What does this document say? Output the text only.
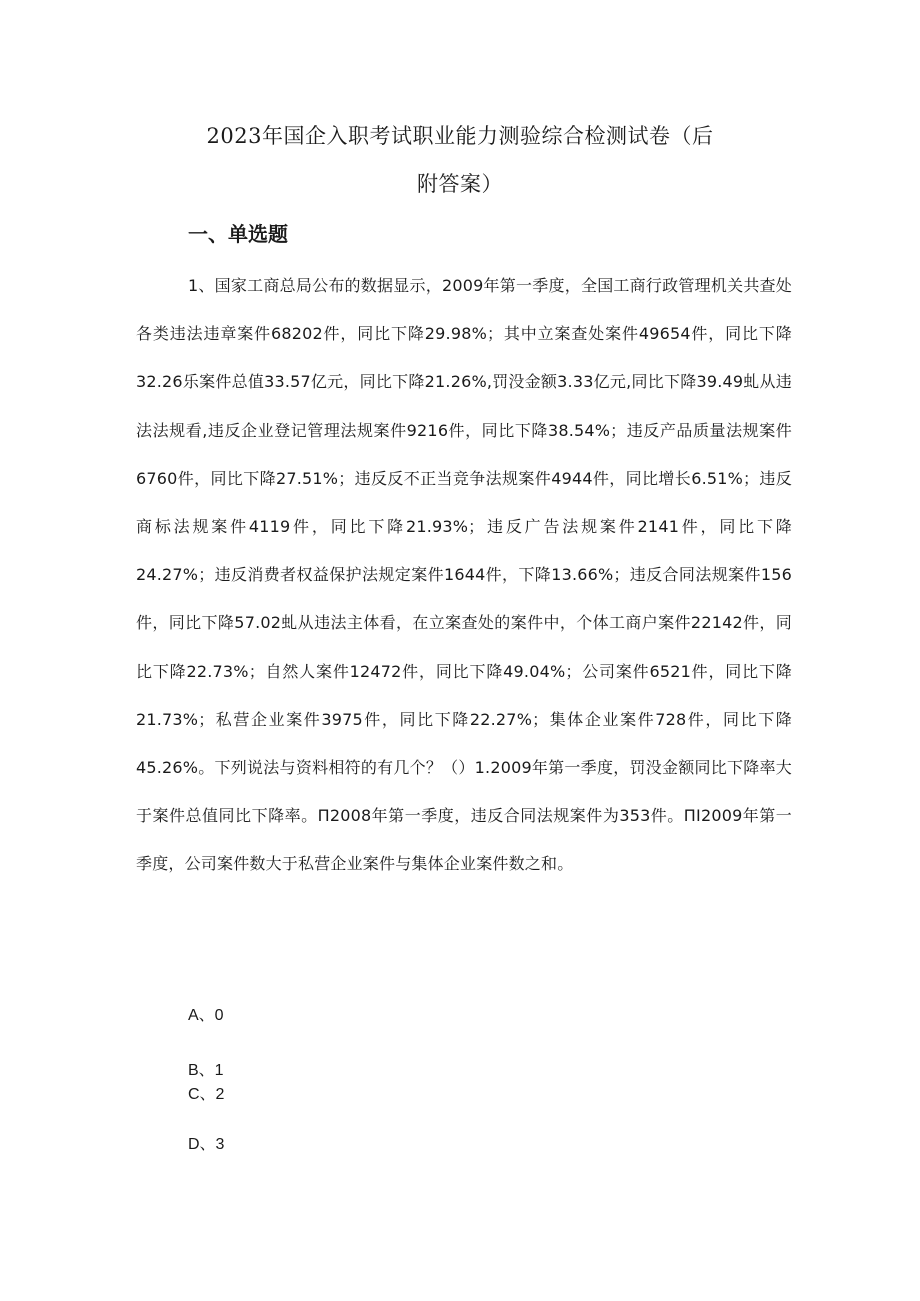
2023年国企入职考试职业能力测验综合检测试卷（后
附答案）
一、单选题
1、国家工商总局公布的数据显示，2009年第一季度，全国工商行政管理机关共查处各类违法违章案件68202件，同比下降29.98%；其中立案查处案件49654件，同比下降32.26乐案件总值33.57亿元，同比下降21.26%,罚没金额3.33亿元,同比下降39.49虬从违法法规看,违反企业登记管理法规案件9216件，同比下降38.54%；违反产品质量法规案件6760件，同比下降27.51%；违反反不正当竞争法规案件4944件，同比增长6.51%；违反商标法规案件4119件，同比下降21.93%；违反广告法规案件2141件，同比下降24.27%；违反消费者权益保护法规定案件1644件，下降13.66%；违反合同法规案件156件，同比下降57.02虬从违法主体看，在立案查处的案件中，个体工商户案件22142件，同比下降22.73%；自然人案件12472件，同比下降49.04%；公司案件6521件，同比下降21.73%；私营企业案件3975件，同比下降22.27%；集体企业案件728件，同比下降45.26%。下列说法与资料相符的有几个？（）1.2009年第一季度，罚没金额同比下降率大于案件总值同比下降率。Π2008年第一季度，违反合同法规案件为353件。ΠI2009年第一季度，公司案件数大于私营企业案件与集体企业案件数之和。
A、0
B、1
C、2
D、3
